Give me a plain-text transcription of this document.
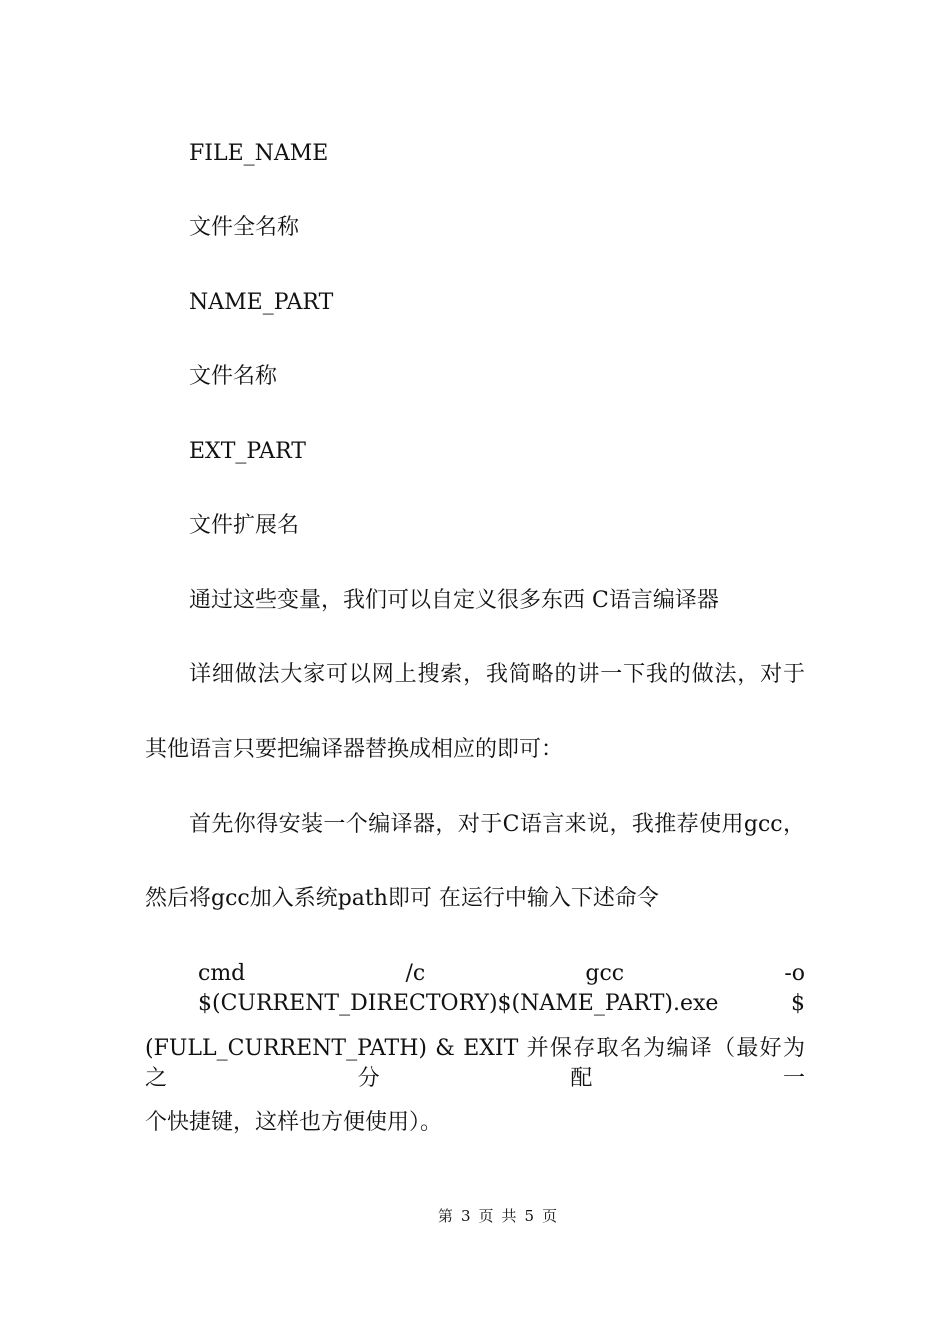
FILE_NAME
文件全名称
NAME_PART
文件名称
EXT_PART
文件扩展名
通过这些变量，我们可以自定义很多东西 C语言编译器
详细做法大家可以网上搜索，我简略的讲一下我的做法，对于
其他语言只要把编译器替换成相应的即可：
首先你得安装一个编译器，对于C语言来说，我推荐使用gcc，
然后将gcc加入系统path即可 在运行中输入下述命令
cmd /c gcc -o $(CURRENT_DIRECTORY)$(NAME_PART).exe $
(FULL_CURRENT_PATH) & EXIT 并保存取名为编译（最好为之分配一
个快捷键，这样也方便使用）。
第 3 页 共 5 页
